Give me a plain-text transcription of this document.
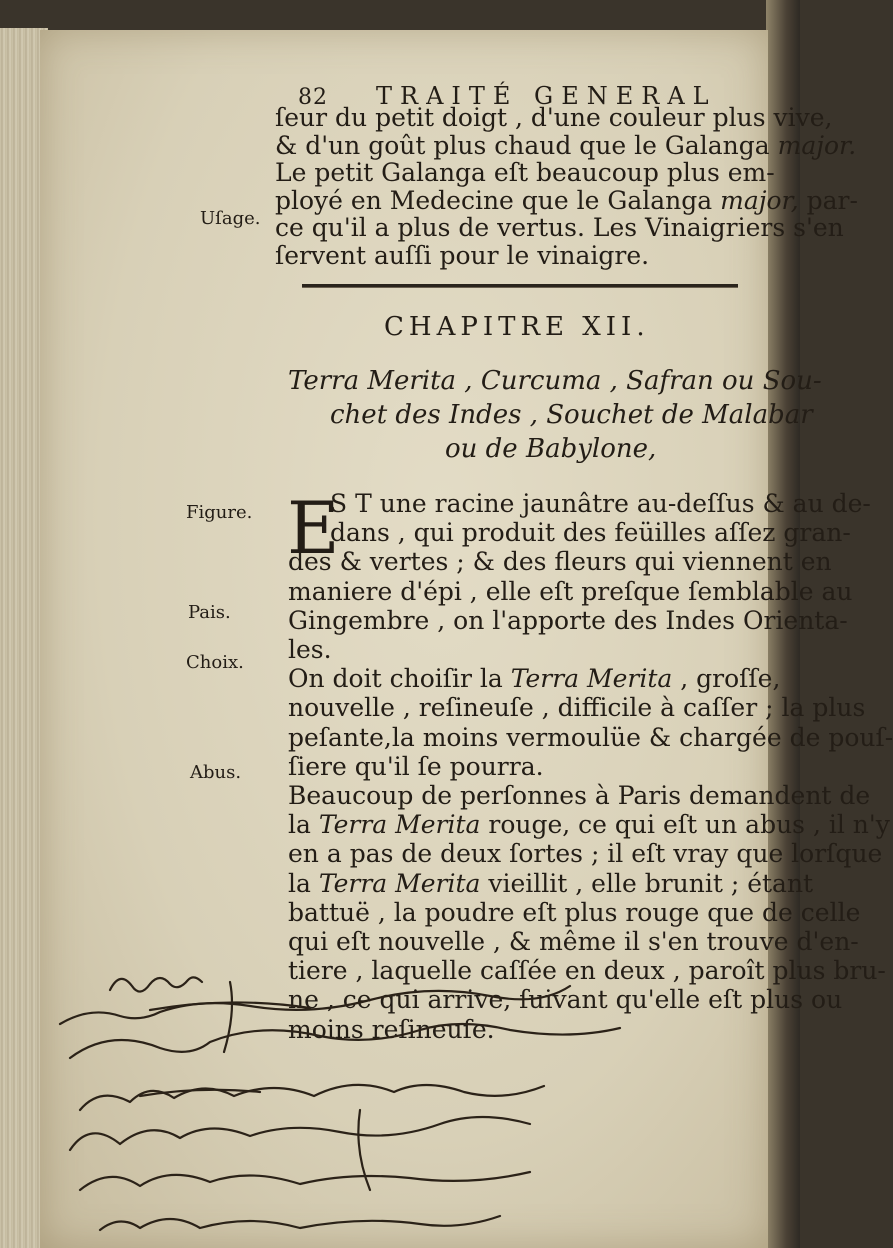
82 TRAITÉ GENERAL
ſeur du petit doigt , d'une couleur plus vive,
& d'un goût plus chaud que le Galanga major.
Le petit Galanga eſt beaucoup plus em-
ployé en Medecine que le Galanga major, par-
ce qu'il a plus de vertus. Les Vinaigriers s'en
ſervent auſſi pour le vinaigre.
Uſage.
CHAPITRE XII.
Terra Merita , Curcuma , Safran ou Sou-
chet des Indes , Souchet de Malabar
ou de Babylone,
E
S T une racine jaunâtre au-deſſus & au de-
dans , qui produit des feüilles aſſez gran-
des & vertes ; & des fleurs qui viennent en
maniere d'épi , elle eſt preſque ſemblable au
Gingembre , on l'apporte des Indes Orienta-
les.
On doit choiſir la Terra Merita , groſſe,
nouvelle , reſineuſe , difficile à caſſer ; la plus
peſante,la moins vermoulüe & chargée de pouſ-
ſiere qu'il ſe pourra.
Beaucoup de perſonnes à Paris demandent de
la Terra Merita rouge, ce qui eſt un abus , il n'y
en a pas de deux ſortes ; il eſt vray que lorſque
la Terra Merita vieillit , elle brunit ; étant
battuë , la poudre eſt plus rouge que de celle
qui eſt nouvelle , & même il s'en trouve d'en-
tiere , laquelle caſſée en deux , paroît plus bru-
ne , ce qui arrive, ſuivant qu'elle eſt plus ou
moins reſineuſe.
Figure.
Pais.
Choix.
Abus.
